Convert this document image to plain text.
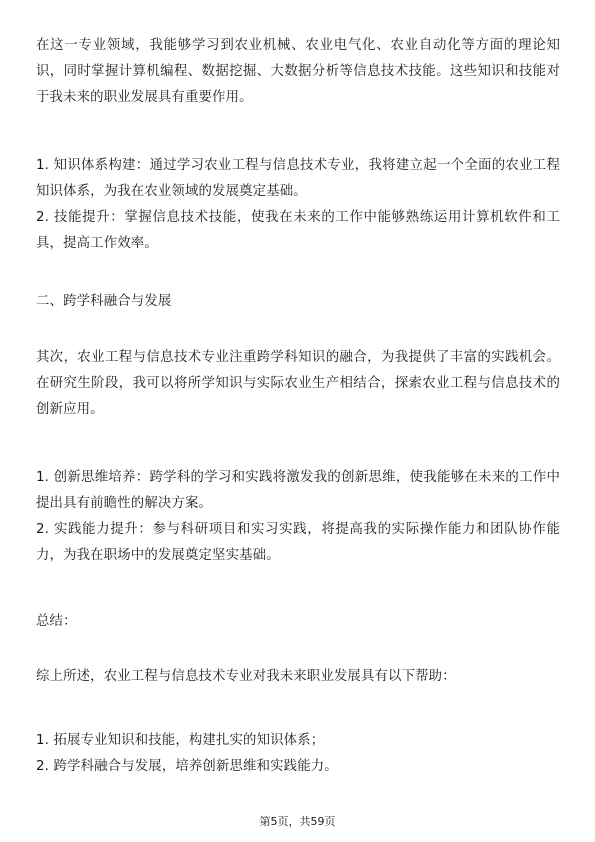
在这一专业领域，我能够学习到农业机械、农业电气化、农业自动化等方面的理论知识，同时掌握计算机编程、数据挖掘、大数据分析等信息技术技能。这些知识和技能对于我未来的职业发展具有重要作用。

1. 知识体系构建：通过学习农业工程与信息技术专业，我将建立起一个全面的农业工程知识体系，为我在农业领域的发展奠定基础。

2. 技能提升：掌握信息技术技能，使我在未来的工作中能够熟练运用计算机软件和工具，提高工作效率。

二、跨学科融合与发展

其次，农业工程与信息技术专业注重跨学科知识的融合，为我提供了丰富的实践机会。在研究生阶段，我可以将所学知识与实际农业生产相结合，探索农业工程与信息技术的创新应用。

1. 创新思维培养：跨学科的学习和实践将激发我的创新思维，使我能够在未来的工作中提出具有前瞻性的解决方案。

2. 实践能力提升：参与科研项目和实习实践，将提高我的实际操作能力和团队协作能力，为我在职场中的发展奠定坚实基础。

总结：

综上所述，农业工程与信息技术专业对我未来职业发展具有以下帮助：

1. 拓展专业知识和技能，构建扎实的知识体系；

2. 跨学科融合与发展，培养创新思维和实践能力。

第5页，共59页
